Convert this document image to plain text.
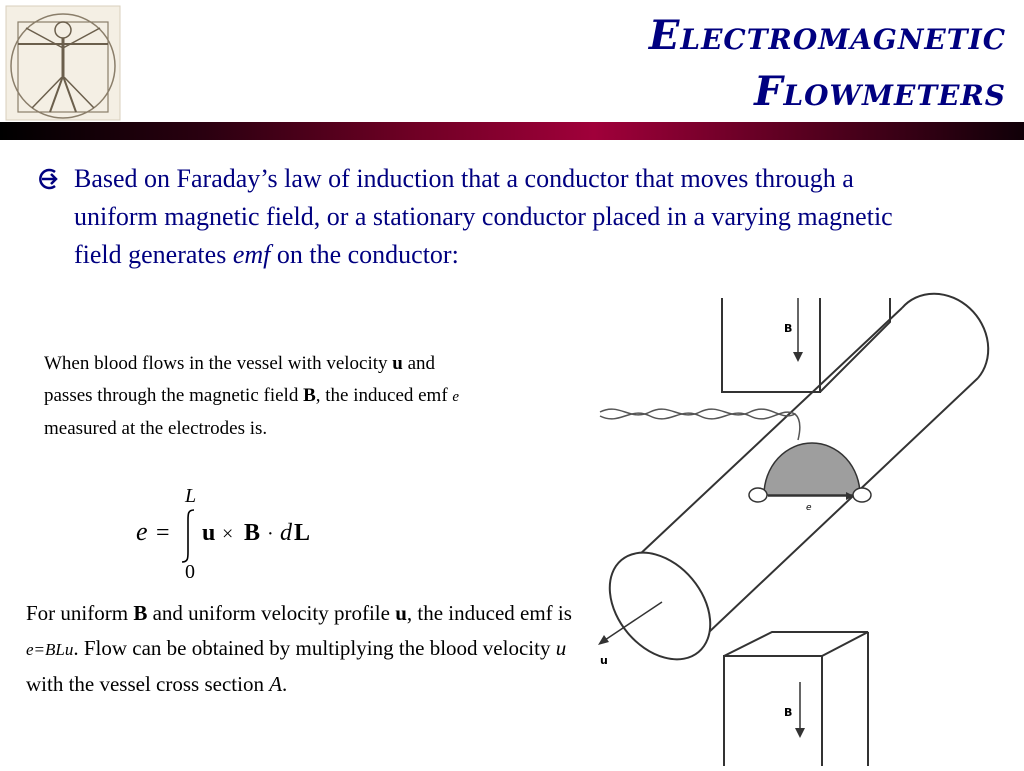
Electromagnetic
Flowmeters
Based on Faraday’s law of induction that a conductor that moves through a uniform magnetic field, or a stationary conductor placed in a varying magnetic field generates emf on the conductor:
When blood flows in the vessel with velocity u and passes through the magnetic field B, the induced emf e measured at the electrodes is.
L
0
e = u × B · d L
For uniform B and uniform velocity profile u, the induced emf is e=BLu. Flow can be obtained by multiplying the blood velocity u with the vessel cross section A.
B
e
u
B
